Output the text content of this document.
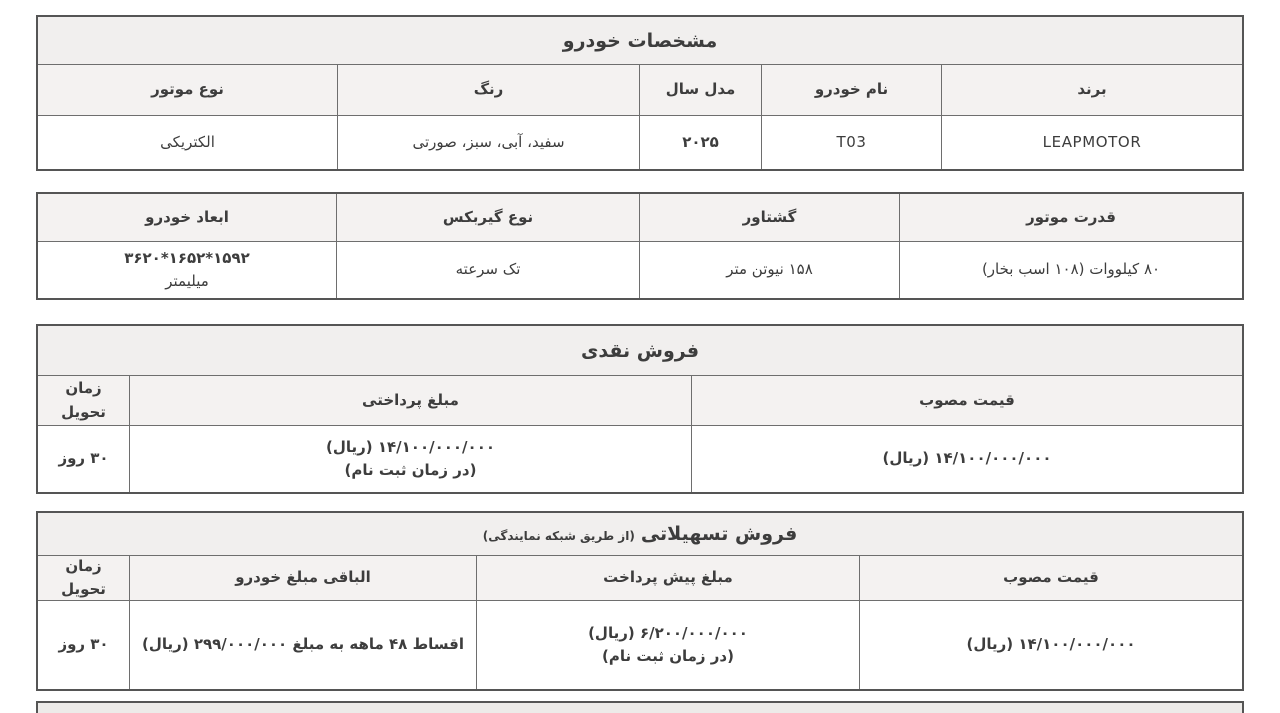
مشخصات خودرو
برند
نام خودرو
مدل سال
رنگ
نوع موتور
LEAPMOTOR
T03
۲۰۲۵
سفید، آبی، سبز، صورتی
الکتریکی
قدرت موتور
گشتاور
نوع گیربکس
ابعاد خودرو
۸۰ کیلووات (۱۰۸ اسب بخار)
۱۵۸ نیوتن متر
تک سرعته
۳۶۲۰*۱۶۵۲*۱۵۹۲
میلیمتر
فروش نقدی
قیمت مصوب
مبلغ پرداختی
زمان تحویل
۱۴/۱۰۰/۰۰۰/۰۰۰ (ریال)
۱۴/۱۰۰/۰۰۰/۰۰۰ (ریال)
(در زمان ثبت نام)
۳۰ روز
فروش تسهیلاتی
(از طریق شبکه نمایندگی)
قیمت مصوب
مبلغ پیش پرداخت
الباقی مبلغ خودرو
زمان تحویل
۱۴/۱۰۰/۰۰۰/۰۰۰ (ریال)
۶/۲۰۰/۰۰۰/۰۰۰ (ریال)
(در زمان ثبت نام)
اقساط ۴۸ ماهه به مبلغ ۲۹۹/۰۰۰/۰۰۰ (ریال)
۳۰ روز
